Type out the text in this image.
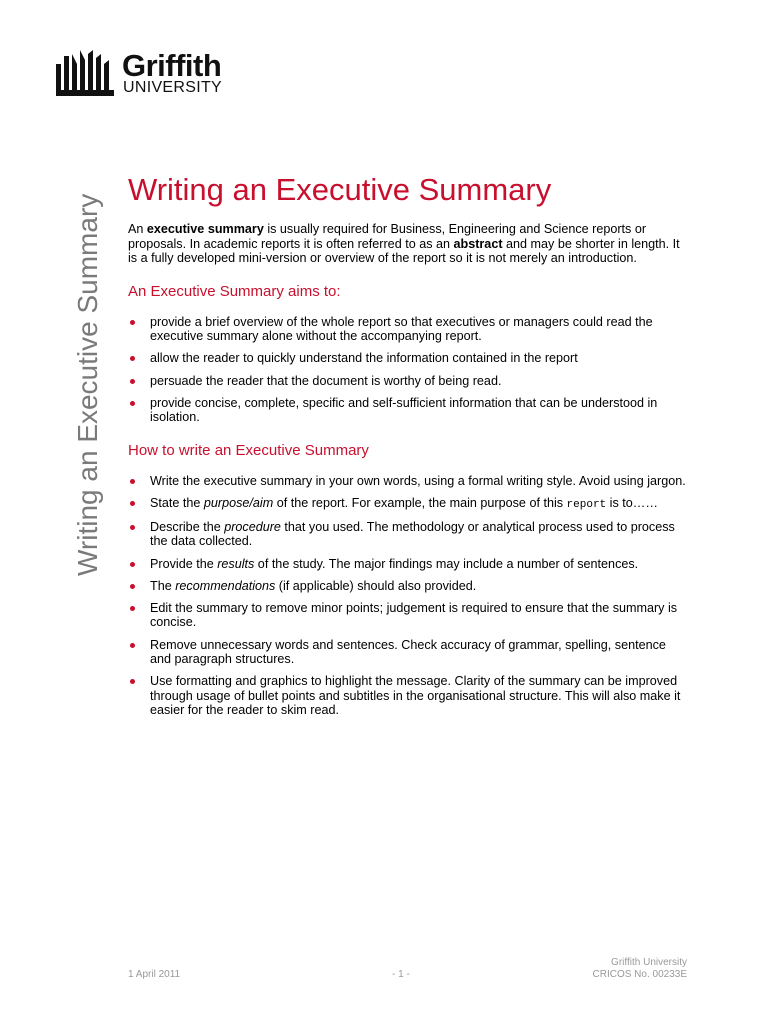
Griffith
UNIVERSITY
Writing an Executive Summary
Writing an Executive Summary

An executive summary is usually required for Business, Engineering and Science reports or proposals. In academic reports it is often referred to as an abstract and may be shorter in length. It is a fully developed mini-version or overview of the report so it is not merely an introduction.

An Executive Summary aims to:
provide a brief overview of the whole report so that executives or managers could read the executive summary alone without the accompanying report.
allow the reader to quickly understand the information contained in the report
persuade the reader that the document is worthy of being read.
provide concise, complete, specific and self-sufficient information that can be understood in isolation.
How to write an Executive Summary
Write the executive summary in your own words, using a formal writing style. Avoid using jargon.
State the purpose/aim of the report. For example, the main purpose of this report is to……
Describe the procedure that you used. The methodology or analytical process used to process the data collected.
Provide the results of the study. The major findings may include a number of sentences.
The recommendations (if applicable) should also provided.
Edit the summary to remove minor points; judgement is required to ensure that the summary is concise.
Remove unnecessary words and sentences. Check accuracy of grammar, spelling, sentence and paragraph structures.
Use formatting and graphics to highlight the message. Clarity of the summary can be improved through usage of bullet points and subtitles in the organisational structure. This will also make it easier for the reader to skim read.
1 April 2011	- 1 -
Griffith University
CRICOS No. 00233E
